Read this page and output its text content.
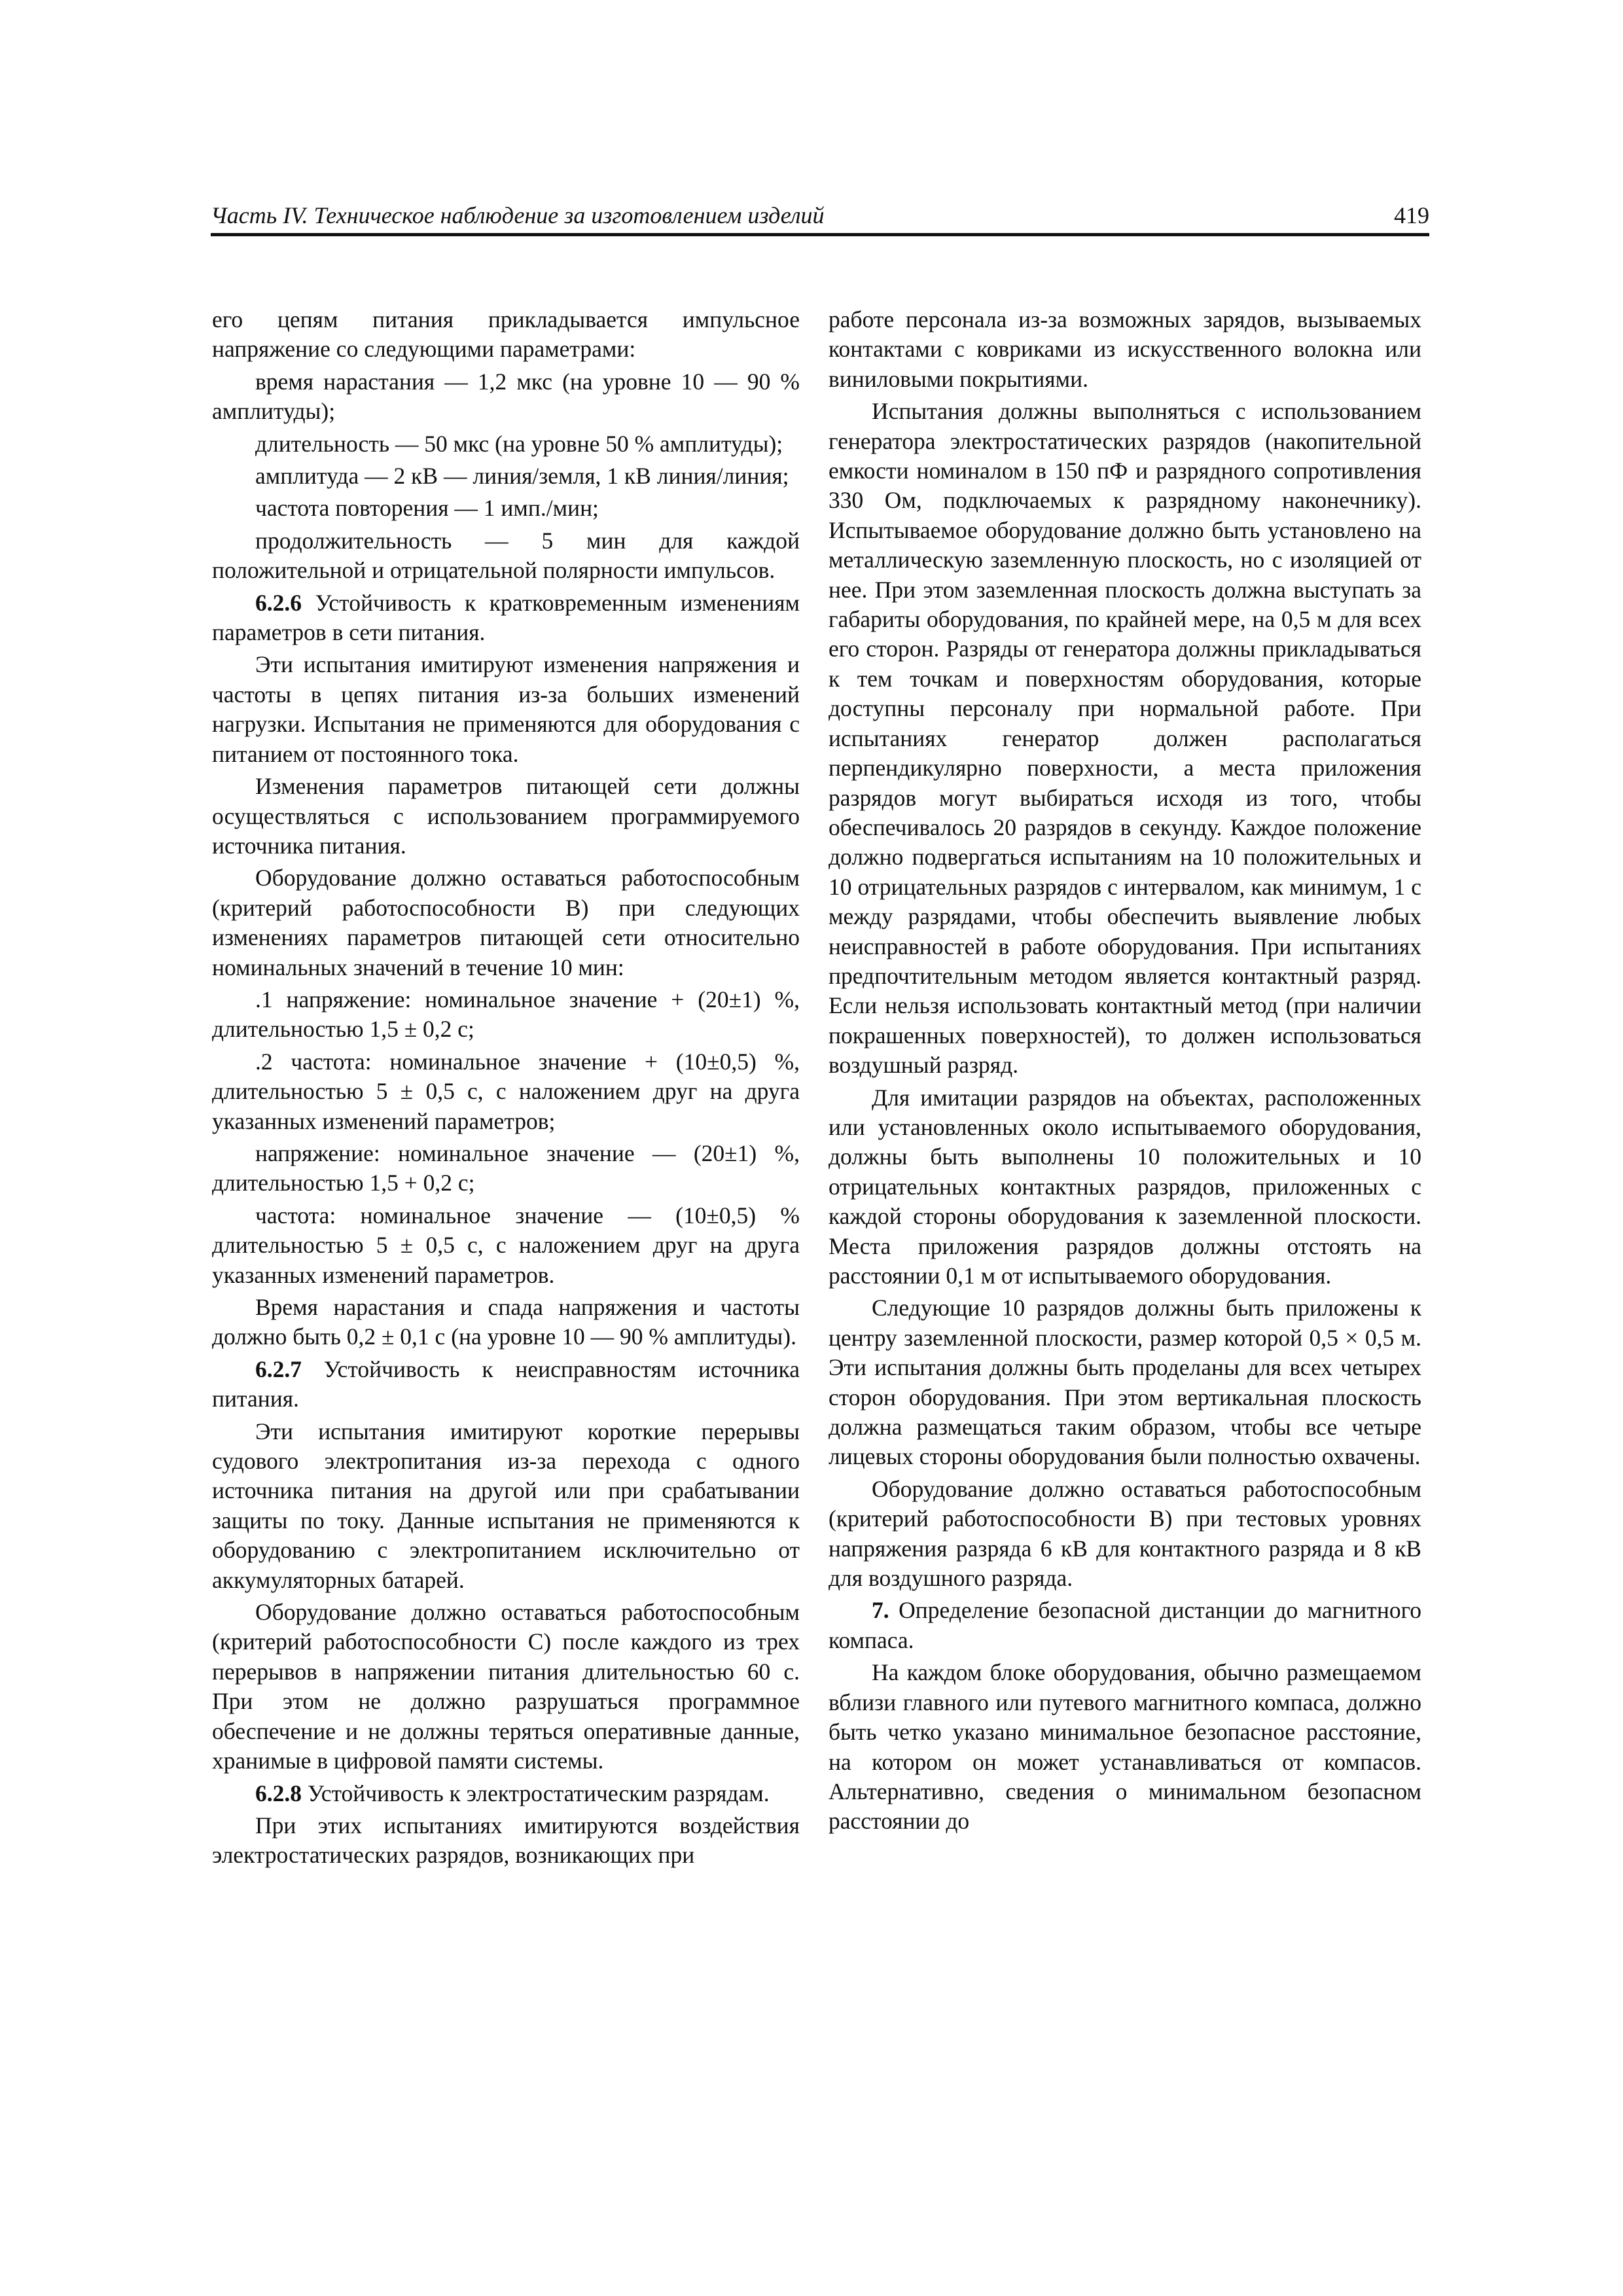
Часть IV. Техническое наблюдение за изготовлением изделий	419

его цепям питания прикладывается импульсное напряжение со следующими параметрами:

время нарастания — 1,2 мкс (на уровне 10 — 90 % амплитуды);

длительность — 50 мкс (на уровне 50 % амплитуды);

амплитуда — 2 кВ — линия/земля, 1 кВ линия/линия;

частота повторения — 1 имп./мин;

продолжительность — 5 мин для каждой положительной и отрицательной полярности импульсов.

6.2.6 Устойчивость к кратковременным изменениям параметров в сети питания.

Эти испытания имитируют изменения напряжения и частоты в цепях питания из-за больших изменений нагрузки. Испытания не применяются для оборудования с питанием от постоянного тока.

Изменения параметров питающей сети должны осуществляться с использованием программируемого источника питания.

Оборудование должно оставаться работоспособным (критерий работоспособности B) при следующих изменениях параметров питающей сети относительно номинальных значений в течение 10 мин:

.1 напряжение: номинальное значение + (20±1) %, длительностью 1,5 ± 0,2 с;

.2 частота: номинальное значение + (10±0,5) %, длительностью 5 ± 0,5 с, с наложением друг на друга указанных изменений параметров;

напряжение: номинальное значение — (20±1) %, длительностью 1,5 + 0,2 с;

частота: номинальное значение — (10±0,5) % длительностью 5 ± 0,5 с, с наложением друг на друга указанных изменений параметров.

Время нарастания и спада напряжения и частоты должно быть 0,2 ± 0,1 с (на уровне 10 — 90 % амплитуды).

6.2.7 Устойчивость к неисправностям источника питания.

Эти испытания имитируют короткие перерывы судового электропитания из-за перехода с одного источника питания на другой или при срабатывании защиты по току. Данные испытания не применяются к оборудованию с электропитанием исключительно от аккумуляторных батарей.

Оборудование должно оставаться работоспособным (критерий работоспособности C) после каждого из трех перерывов в напряжении питания длительностью 60 с. При этом не должно разрушаться программное обеспечение и не должны теряться оперативные данные, хранимые в цифровой памяти системы.

6.2.8 Устойчивость к электростатическим разрядам.

При этих испытаниях имитируются воздействия электростатических разрядов, возникающих при

работе персонала из-за возможных зарядов, вызываемых контактами с ковриками из искусственного волокна или виниловыми покрытиями.

Испытания должны выполняться с использованием генератора электростатических разрядов (накопительной емкости номиналом в 150 пФ и разрядного сопротивления 330 Ом, подключаемых к разрядному наконечнику). Испытываемое оборудование должно быть установлено на металлическую заземленную плоскость, но с изоляцией от нее. При этом заземленная плоскость должна выступать за габариты оборудования, по крайней мере, на 0,5 м для всех его сторон. Разряды от генератора должны прикладываться к тем точкам и поверхностям оборудования, которые доступны персоналу при нормальной работе. При испытаниях генератор должен располагаться перпендикулярно поверхности, а места приложения разрядов могут выбираться исходя из того, чтобы обеспечивалось 20 разрядов в секунду. Каждое положение должно подвергаться испытаниям на 10 положительных и 10 отрицательных разрядов с интервалом, как минимум, 1 с между разрядами, чтобы обеспечить выявление любых неисправностей в работе оборудования. При испытаниях предпочтительным методом является контактный разряд. Если нельзя использовать контактный метод (при наличии покрашенных поверхностей), то должен использоваться воздушный разряд.

Для имитации разрядов на объектах, расположенных или установленных около испытываемого оборудования, должны быть выполнены 10 положительных и 10 отрицательных контактных разрядов, приложенных с каждой стороны оборудования к заземленной плоскости. Места приложения разрядов должны отстоять на расстоянии 0,1 м от испытываемого оборудования.

Следующие 10 разрядов должны быть приложены к центру заземленной плоскости, размер которой 0,5 × 0,5 м. Эти испытания должны быть проделаны для всех четырех сторон оборудования. При этом вертикальная плоскость должна размещаться таким образом, чтобы все четыре лицевых стороны оборудования были полностью охвачены.

Оборудование должно оставаться работоспособным (критерий работоспособности B) при тестовых уровнях напряжения разряда 6 кВ для контактного разряда и 8 кВ для воздушного разряда.

7. Определение безопасной дистанции до магнитного компаса.

На каждом блоке оборудования, обычно размещаемом вблизи главного или путевого магнитного компаса, должно быть четко указано минимальное безопасное расстояние, на котором он может устанавливаться от компасов. Альтернативно, сведения о минимальном безопасном расстоянии до
